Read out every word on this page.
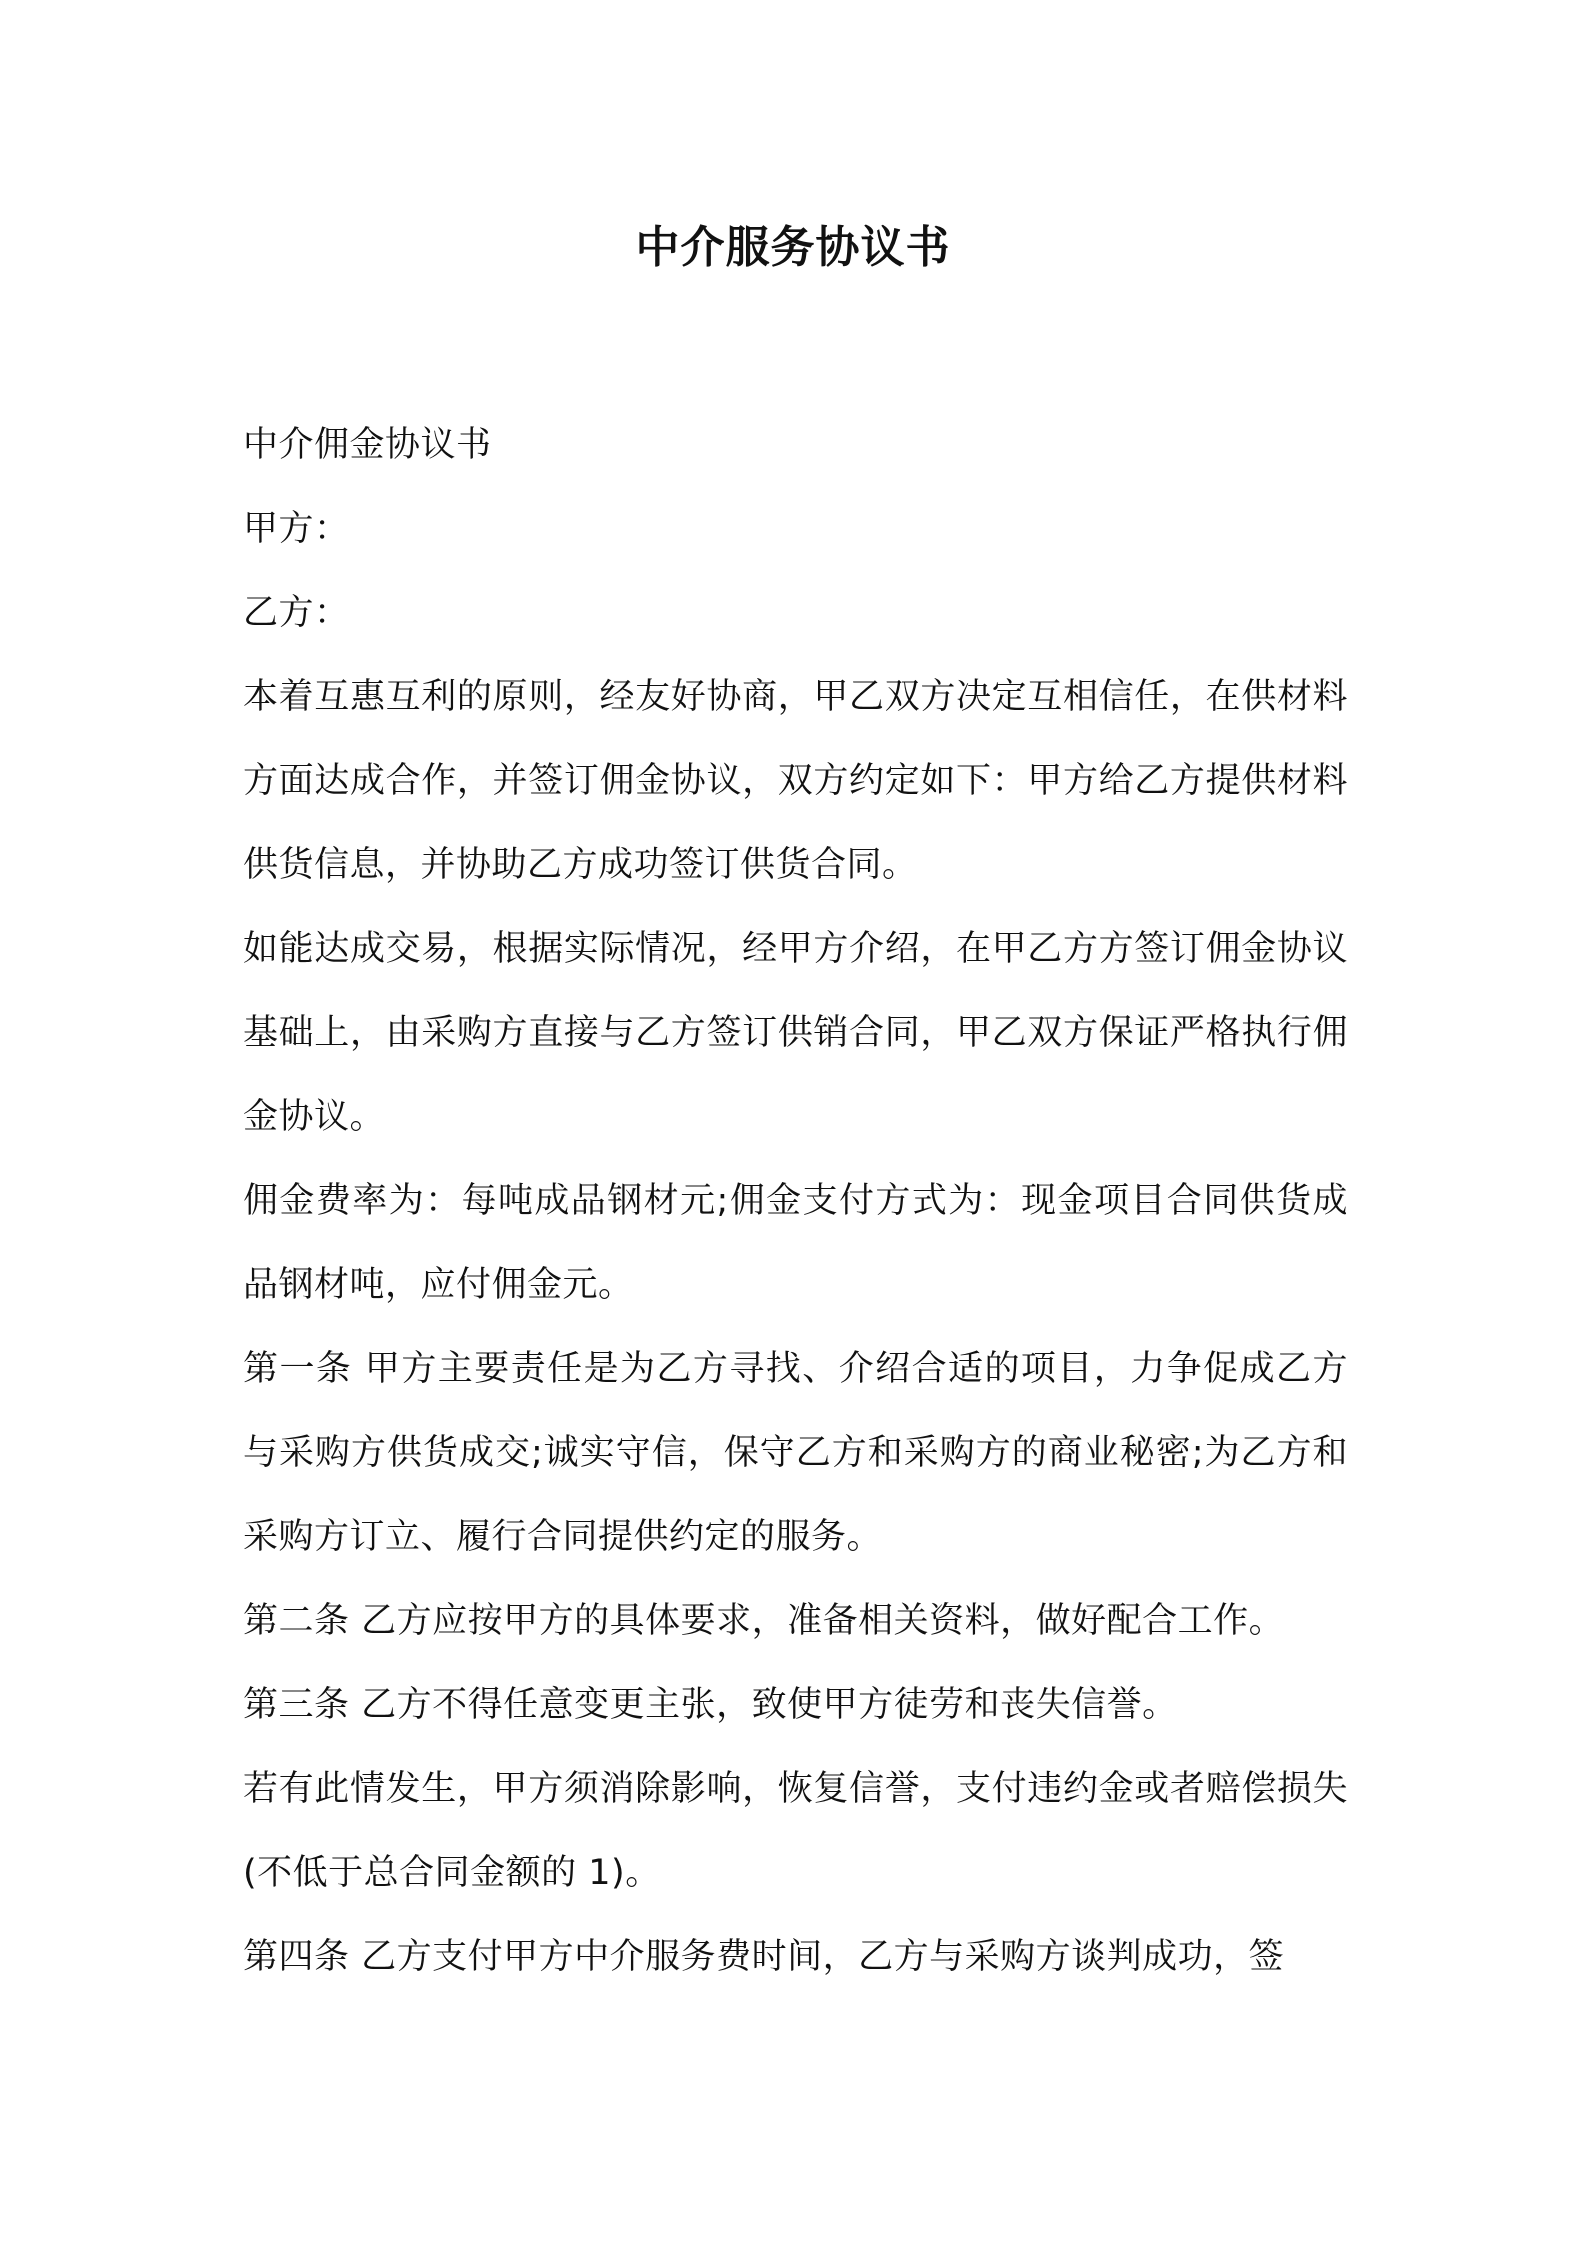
中介服务协议书

中介佣金协议书

甲方：

乙方：

本着互惠互利的原则，经友好协商，甲乙双方决定互相信任，在供材料方面达成合作，并签订佣金协议，双方约定如下：甲方给乙方提供材料供货信息，并协助乙方成功签订供货合同。

如能达成交易，根据实际情况，经甲方介绍，在甲乙方方签订佣金协议基础上，由采购方直接与乙方签订供销合同，甲乙双方保证严格执行佣金协议。

佣金费率为：每吨成品钢材元;佣金支付方式为：现金项目合同供货成品钢材吨，应付佣金元。

第一条 甲方主要责任是为乙方寻找、介绍合适的项目，力争促成乙方与采购方供货成交;诚实守信，保守乙方和采购方的商业秘密;为乙方和采购方订立、履行合同提供约定的服务。

第二条 乙方应按甲方的具体要求，准备相关资料，做好配合工作。

第三条 乙方不得任意变更主张，致使甲方徒劳和丧失信誉。

若有此情发生，甲方须消除影响，恢复信誉，支付违约金或者赔偿损失(不低于总合同金额的 1)。

第四条 乙方支付甲方中介服务费时间，乙方与采购方谈判成功，签
